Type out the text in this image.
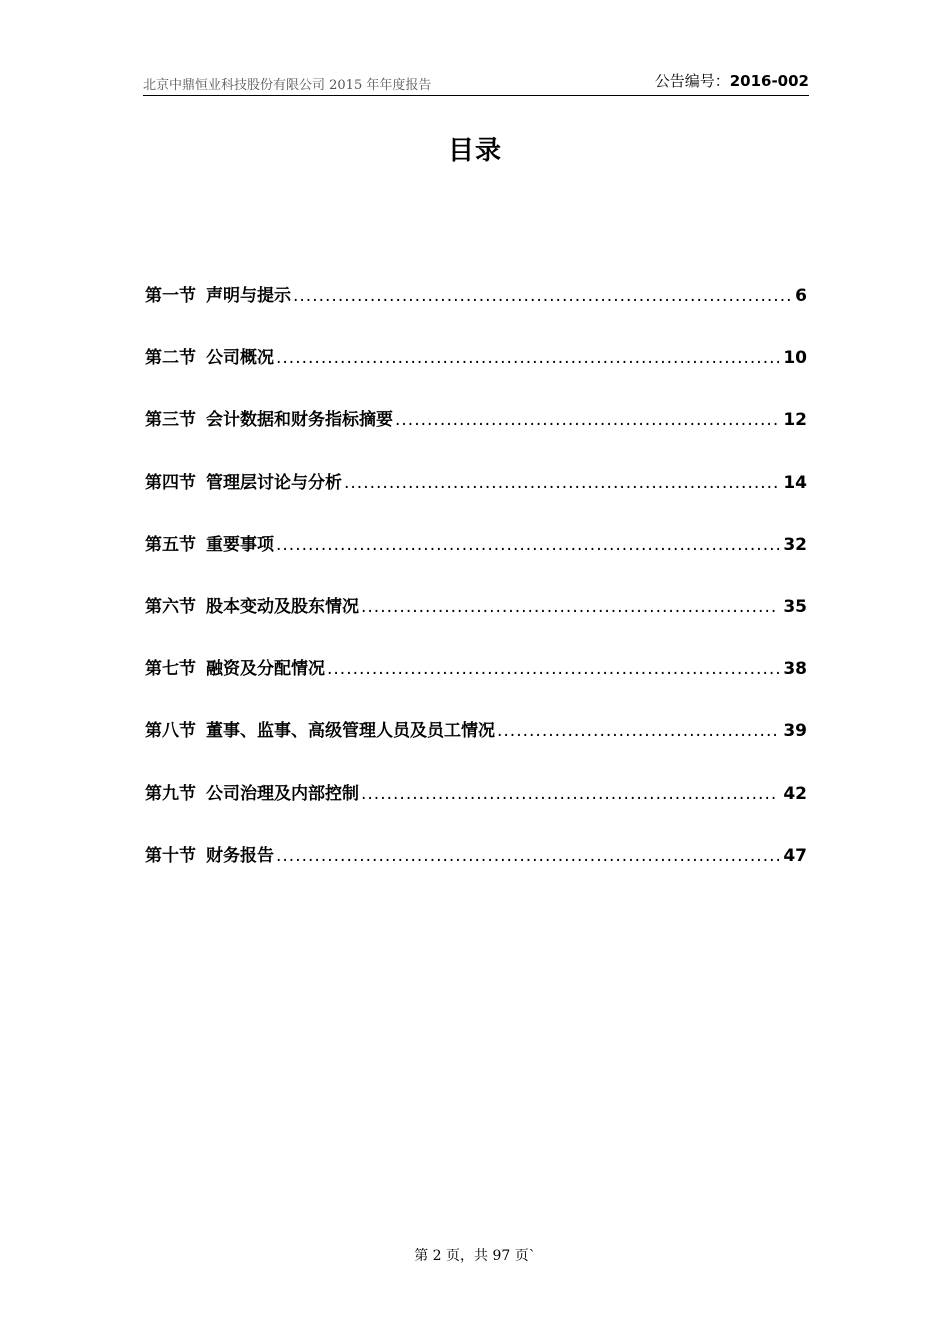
北京中鼎恒业科技股份有限公司 2015 年年度报告	公告编号：2016-002
目录
第一节 声明与提示 .....	6
第二节 公司概况 .....	10
第三节 会计数据和财务指标摘要 .....	12
第四节 管理层讨论与分析 .....	14
第五节 重要事项 .....	32
第六节 股本变动及股东情况 .....	35
第七节 融资及分配情况 .....	38
第八节 董事、监事、高级管理人员及员工情况 .....	39
第九节 公司治理及内部控制 .....	42
第十节 财务报告 .....	47
第 2 页，共 97 页`
